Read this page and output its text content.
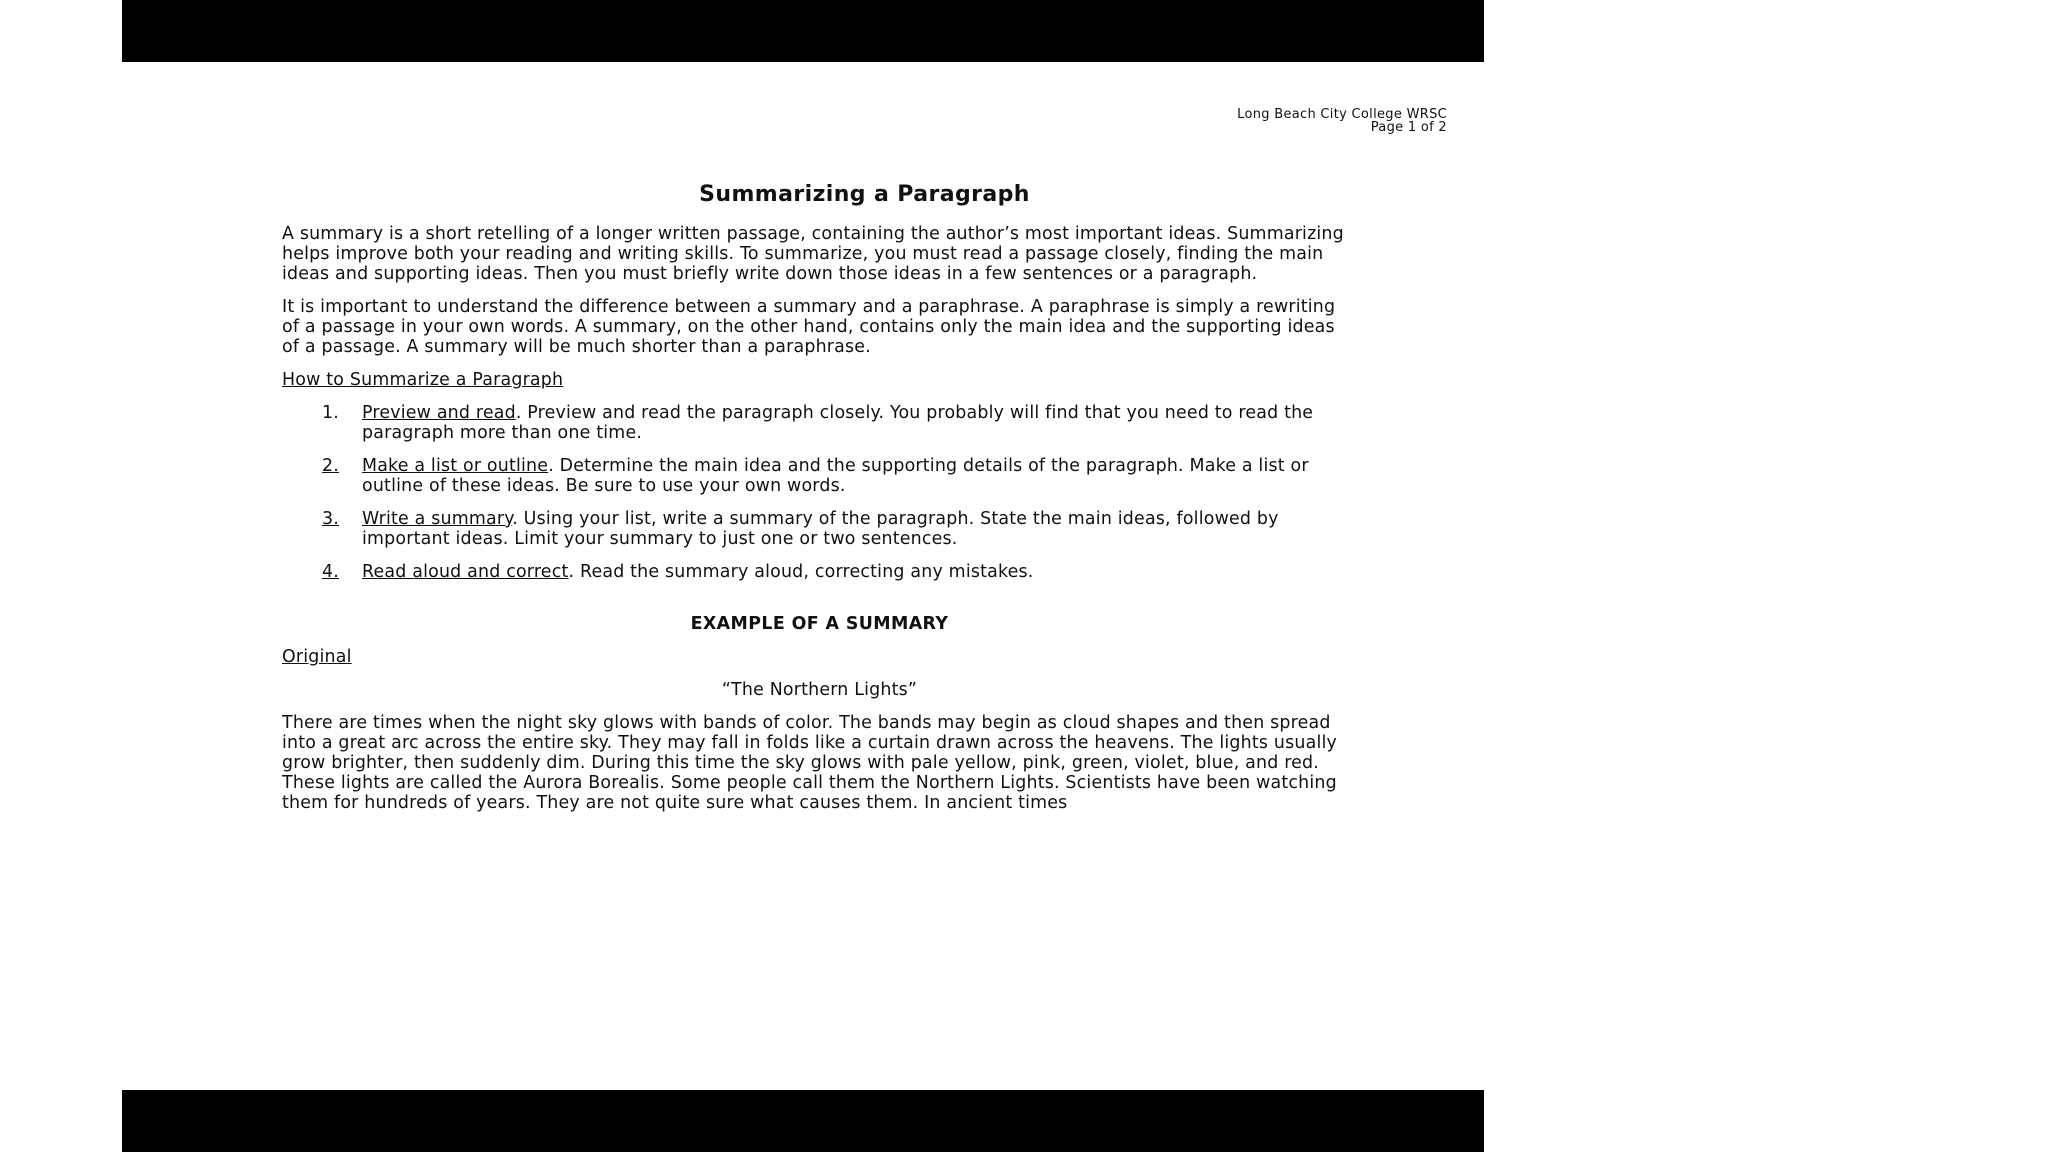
Long Beach City College WRSC
Page 1 of 2
Summarizing a Paragraph

A summary is a short retelling of a longer written passage, containing the author’s most important ideas. Summarizing helps improve both your reading and writing skills. To summarize, you must read a passage closely, finding the main ideas and supporting ideas. Then you must briefly write down those ideas in a few sentences or a paragraph.

It is important to understand the difference between a summary and a paraphrase. A paraphrase is simply a rewriting of a passage in your own words. A summary, on the other hand, contains only the main idea and the supporting ideas of a passage. A summary will be much shorter than a paraphrase.

How to Summarize a Paragraph
1. Preview and read. Preview and read the paragraph closely. You probably will find that you need to read the paragraph more than one time.
2. Make a list or outline. Determine the main idea and the supporting details of the paragraph. Make a list or outline of these ideas. Be sure to use your own words.
3. Write a summary. Using your list, write a summary of the paragraph. State the main ideas, followed by important ideas. Limit your summary to just one or two sentences.
4. Read aloud and correct. Read the summary aloud, correcting any mistakes.
EXAMPLE OF A SUMMARY

Original

“The Northern Lights”

There are times when the night sky glows with bands of color. The bands may begin as cloud shapes and then spread into a great arc across the entire sky. They may fall in folds like a curtain drawn across the heavens. The lights usually grow brighter, then suddenly dim. During this time the sky glows with pale yellow, pink, green, violet, blue, and red. These lights are called the Aurora Borealis. Some people call them the Northern Lights. Scientists have been watching them for hundreds of years. They are not quite sure what causes them. In ancient times
